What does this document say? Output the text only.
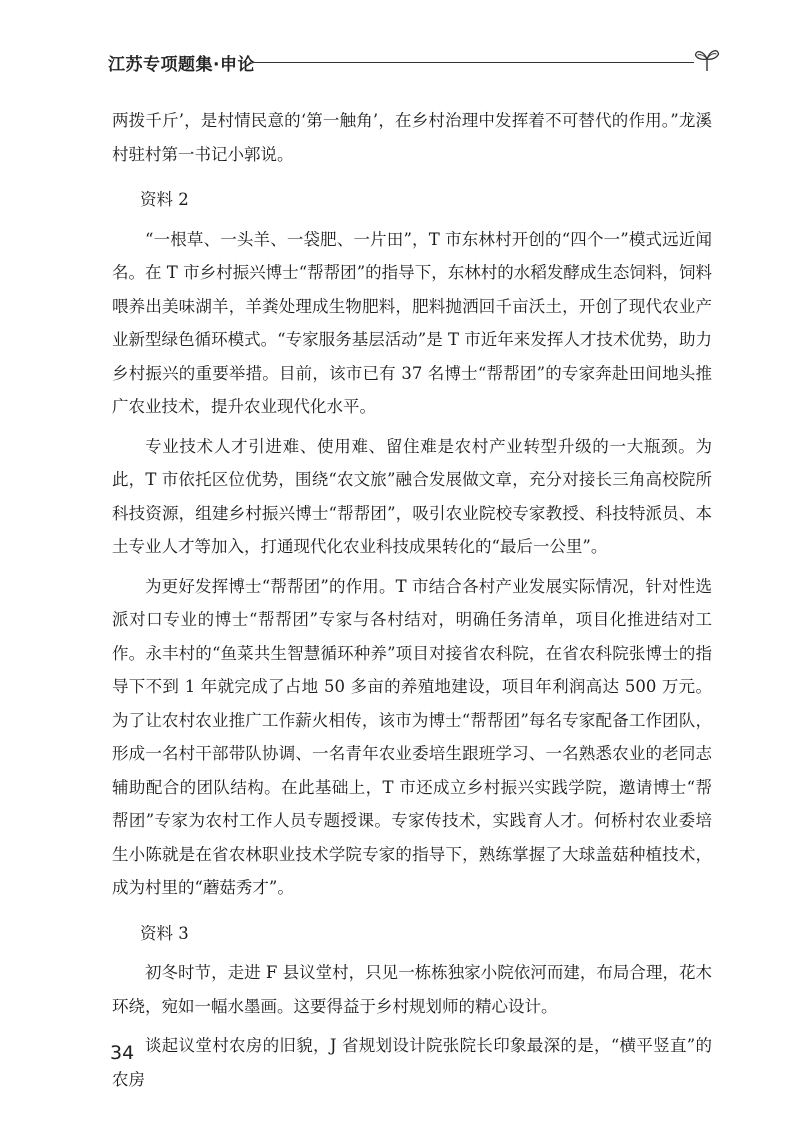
江苏专项题集·申论

两拨千斤’，是村情民意的‘第一触角’，在乡村治理中发挥着不可替代的作用。”龙溪村驻村第一书记小郭说。

资料 2

“一根草、一头羊、一袋肥、一片田”，T 市东林村开创的“四个一”模式远近闻名。在 T 市乡村振兴博士“帮帮团”的指导下，东林村的水稻发酵成生态饲料，饲料喂养出美味湖羊，羊粪处理成生物肥料，肥料抛洒回千亩沃土，开创了现代农业产业新型绿色循环模式。“专家服务基层活动”是 T 市近年来发挥人才技术优势，助力乡村振兴的重要举措。目前，该市已有 37 名博士“帮帮团”的专家奔赴田间地头推广农业技术，提升农业现代化水平。

专业技术人才引进难、使用难、留住难是农村产业转型升级的一大瓶颈。为此，T 市依托区位优势，围绕“农文旅”融合发展做文章，充分对接长三角高校院所科技资源，组建乡村振兴博士“帮帮团”，吸引农业院校专家教授、科技特派员、本土专业人才等加入，打通现代化农业科技成果转化的“最后一公里”。

为更好发挥博士“帮帮团”的作用。T 市结合各村产业发展实际情况，针对性选派对口专业的博士“帮帮团”专家与各村结对，明确任务清单，项目化推进结对工作。永丰村的“鱼菜共生智慧循环种养”项目对接省农科院，在省农科院张博士的指导下不到 1 年就完成了占地 50 多亩的养殖地建设，项目年利润高达 500 万元。为了让农村农业推广工作薪火相传，该市为博士“帮帮团”每名专家配备工作团队，形成一名村干部带队协调、一名青年农业委培生跟班学习、一名熟悉农业的老同志辅助配合的团队结构。在此基础上，T 市还成立乡村振兴实践学院，邀请博士“帮帮团”专家为农村工作人员专题授课。专家传技术，实践育人才。何桥村农业委培生小陈就是在省农林职业技术学院专家的指导下，熟练掌握了大球盖菇种植技术，成为村里的“蘑菇秀才”。

资料 3

初冬时节，走进 F 县议堂村，只见一栋栋独家小院依河而建，布局合理，花木环绕，宛如一幅水墨画。这要得益于乡村规划师的精心设计。

谈起议堂村农房的旧貌，J 省规划设计院张院长印象最深的是，“横平竖直”的农房

34
